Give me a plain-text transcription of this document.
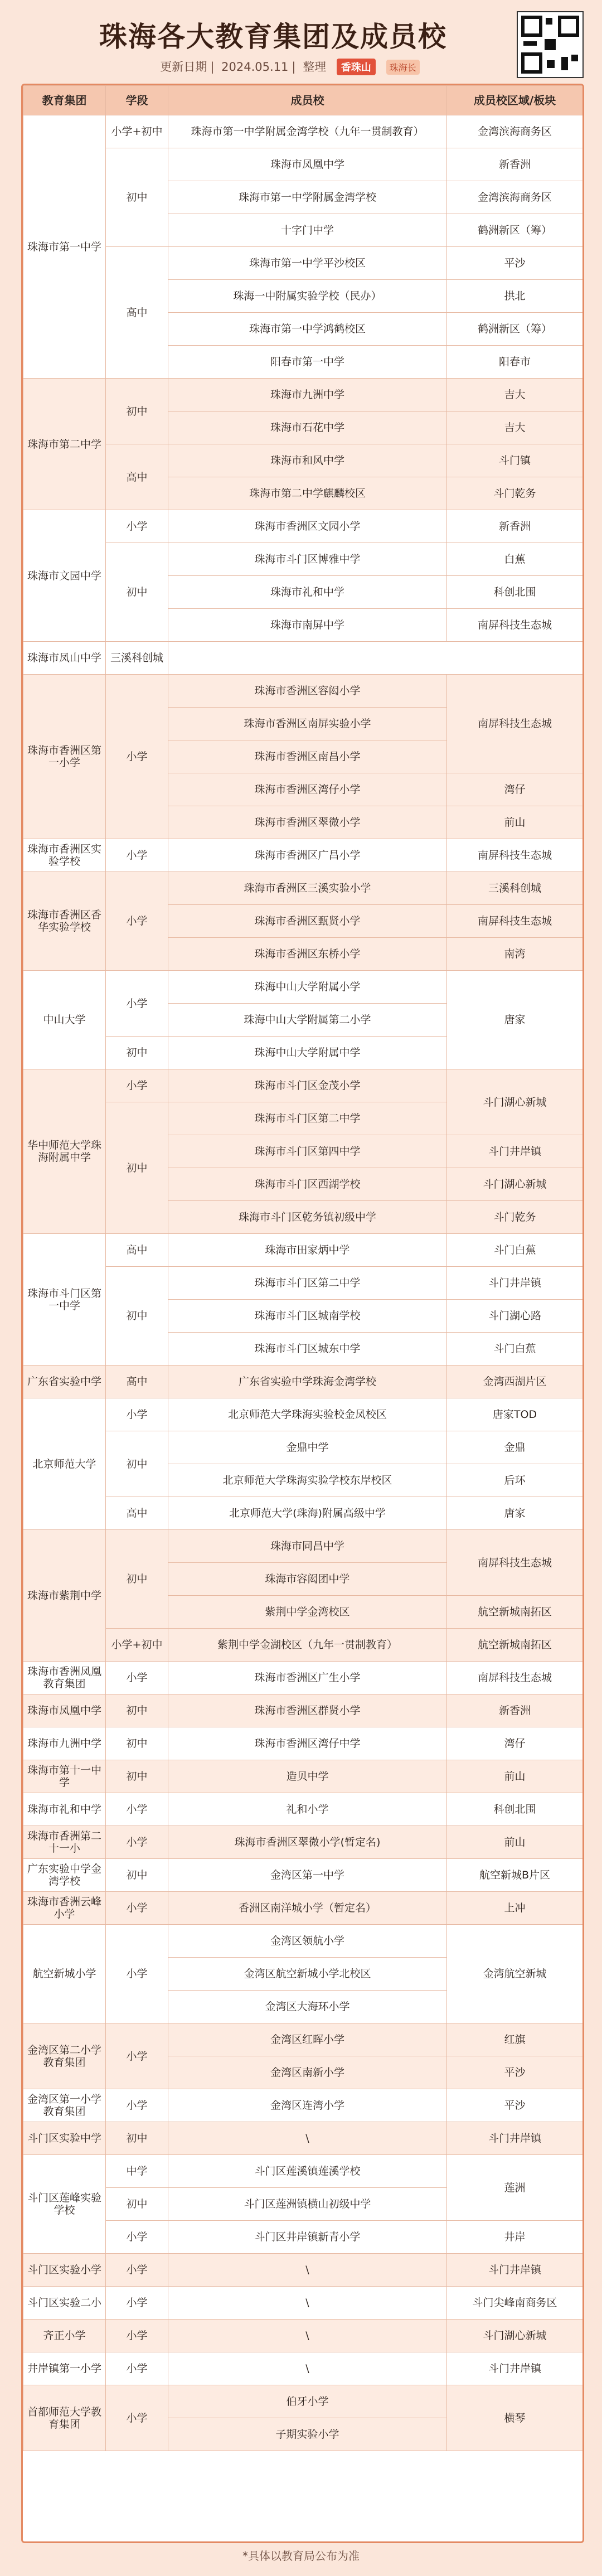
珠海各大教育集团及成员校
更新日期 | 2024.05.11 | 整理 香珠山 珠海长
教育集团	学段	成员校	成员校区域/板块
珠海市第一中学	小学+初中	珠海市第一中学附属金湾学校（九年一贯制教育）	金湾滨海商务区
	初中	珠海市凤凰中学	新香洲
		珠海市第一中学附属金湾学校	金湾滨海商务区
		十字门中学	鹤洲新区（筹）
	高中	珠海市第一中学平沙校区	平沙
		珠海一中附属实验学校（民办）	拱北
		珠海市第一中学鸿鹤校区	鹤洲新区（筹）
		阳春市第一中学	阳春市
珠海市第二中学	初中	珠海市九洲中学	吉大
		珠海市石花中学	吉大
	高中	珠海市和风中学	斗门镇
		珠海市第二中学麒麟校区	斗门乾务
珠海市文园中学	小学	珠海市香洲区文园小学	新香洲
	初中	珠海市斗门区博雅中学	白蕉
		珠海市礼和中学	科创北围
		珠海市南屏中学	南屏科技生态城
珠海市凤山中学	三溪科创城		
珠海市香洲区第一小学	小学	珠海市香洲区容闳小学	南屏科技生态城
		珠海市香洲区南屏实验小学	
		珠海市香洲区南昌小学	
		珠海市香洲区湾仔小学	湾仔
		珠海市香洲区翠微小学	前山
珠海市香洲区实验学校	小学	珠海市香洲区广昌小学	南屏科技生态城
珠海市香洲区香华实验学校	小学	珠海市香洲区三溪实验小学	三溪科创城
		珠海市香洲区甄贤小学	南屏科技生态城
		珠海市香洲区东桥小学	南湾
中山大学	小学	珠海中山大学附属小学	唐家
		珠海中山大学附属第二小学	
	初中	珠海中山大学附属中学	
华中师范大学珠海附属中学	小学	珠海市斗门区金茂小学	斗门湖心新城
	初中	珠海市斗门区第二中学	
		珠海市斗门区第四中学	斗门井岸镇
		珠海市斗门区西湖学校	斗门湖心新城
		珠海市斗门区乾务镇初级中学	斗门乾务
珠海市斗门区第一中学	高中	珠海市田家炳中学	斗门白蕉
	初中	珠海市斗门区第二中学	斗门井岸镇
		珠海市斗门区城南学校	斗门湖心路
		珠海市斗门区城东中学	斗门白蕉
广东省实验中学	高中	广东省实验中学珠海金湾学校	金湾西湖片区
北京师范大学	小学	北京师范大学珠海实验校金凤校区	唐家TOD
	初中	金鼎中学	金鼎
		北京师范大学珠海实验学校东岸校区	后环
	高中	北京师范大学(珠海)附属高级中学	唐家
珠海市紫荆中学	初中	珠海市同昌中学	南屏科技生态城
		珠海市容闳团中学	
		紫荆中学金湾校区	航空新城南拓区
	小学+初中	紫荆中学金湖校区（九年一贯制教育）	航空新城南拓区
珠海市香洲凤凰教育集团	小学	珠海市香洲区广生小学	南屏科技生态城
珠海市凤凰中学	初中	珠海市香洲区群贤小学	新香洲
珠海市九洲中学	初中	珠海市香洲区湾仔中学	湾仔
珠海市第十一中学	初中	造贝中学	前山
珠海市礼和中学	小学	礼和小学	科创北围
珠海市香洲第二十一小	小学	珠海市香洲区翠微小学(暂定名)	前山
广东实验中学金湾学校	初中	金湾区第一中学	航空新城B片区
珠海市香洲云峰小学	小学	香洲区南洋城小学（暂定名）	上冲
航空新城小学	小学	金湾区领航小学	金湾航空新城
		金湾区航空新城小学北校区	
		金湾区大海环小学	
金湾区第二小学教育集团	小学	金湾区红晖小学	红旗
		金湾区南新小学	平沙
金湾区第一小学教育集团	小学	金湾区连湾小学	平沙
斗门区实验中学	初中	\	斗门井岸镇
斗门区莲峰实验学校	中学	斗门区莲溪镇莲溪学校	莲洲
	初中	斗门区莲洲镇横山初级中学	
	小学	斗门区井岸镇新青小学	井岸
斗门区实验小学	小学	\	斗门井岸镇
斗门区实验二小	小学	\	斗门尖峰南商务区
齐正小学	小学	\	斗门湖心新城
井岸镇第一小学	小学	\	斗门井岸镇
首都师范大学教育集团	小学	伯牙小学	横琴
		子期实验小学	
*具体以教育局公布为准
